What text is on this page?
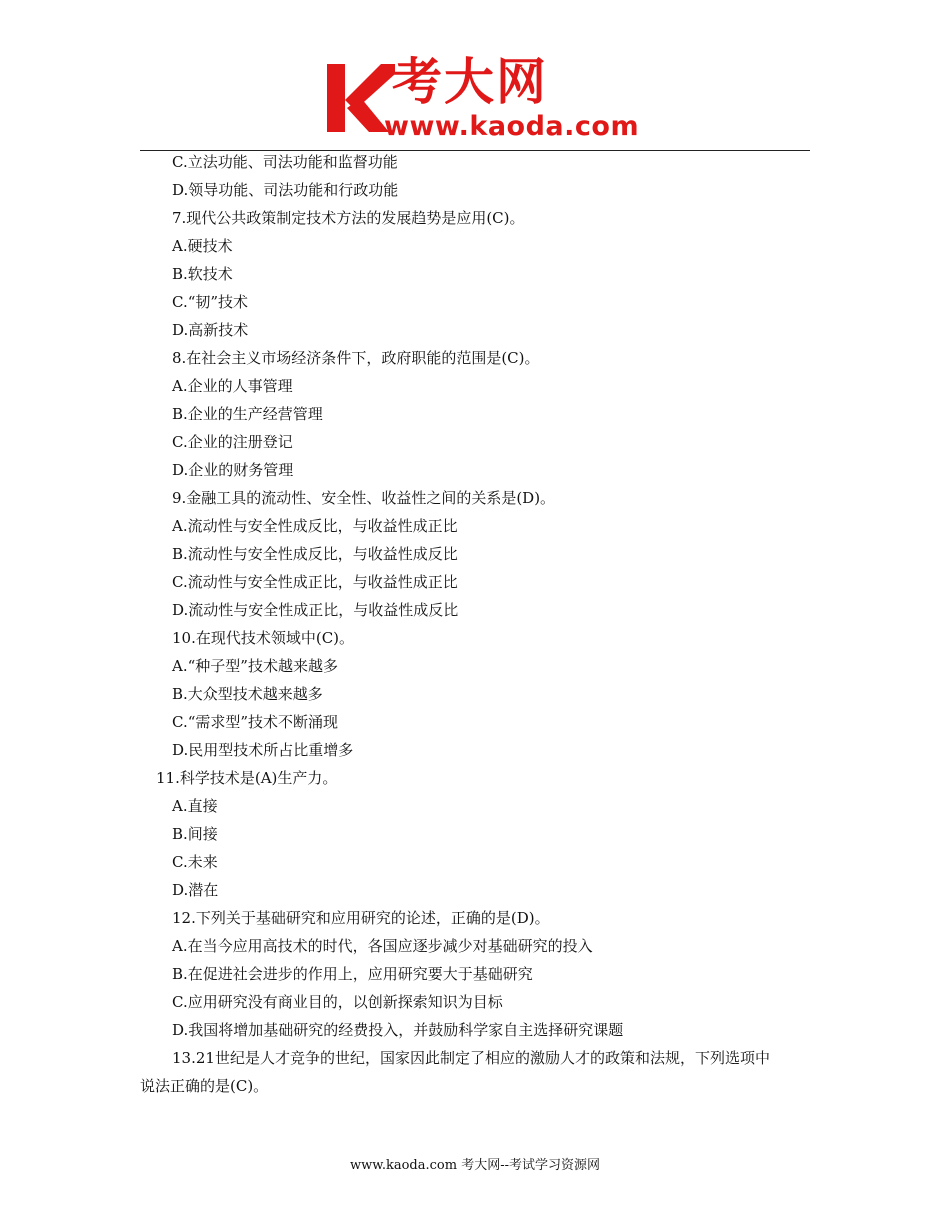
考大网
www.kaoda.com
C.立法功能、司法功能和监督功能
D.领导功能、司法功能和行政功能
7.现代公共政策制定技术方法的发展趋势是应用(C)。
A.硬技术
B.软技术
C.“韧”技术
D.高新技术
8.在社会主义市场经济条件下，政府职能的范围是(C)。
A.企业的人事管理
B.企业的生产经营管理
C.企业的注册登记
D.企业的财务管理
9.金融工具的流动性、安全性、收益性之间的关系是(D)。
A.流动性与安全性成反比，与收益性成正比
B.流动性与安全性成反比，与收益性成反比
C.流动性与安全性成正比，与收益性成正比
D.流动性与安全性成正比，与收益性成反比
10.在现代技术领域中(C)。
A.“种子型”技术越来越多
B.大众型技术越来越多
C.“需求型”技术不断涌现
D.民用型技术所占比重增多
11.科学技术是(A)生产力。
A.直接
B.间接
C.未来
D.潜在
12.下列关于基础研究和应用研究的论述，正确的是(D)。
A.在当今应用高技术的时代，各国应逐步减少对基础研究的投入
B.在促进社会进步的作用上，应用研究要大于基础研究
C.应用研究没有商业目的，以创新探索知识为目标
D.我国将增加基础研究的经费投入，并鼓励科学家自主选择研究课题
13.21世纪是人才竞争的世纪，国家因此制定了相应的激励人才的政策和法规，下列选项中
说法正确的是(C)。
www.kaoda.com 考大网--考试学习资源网
